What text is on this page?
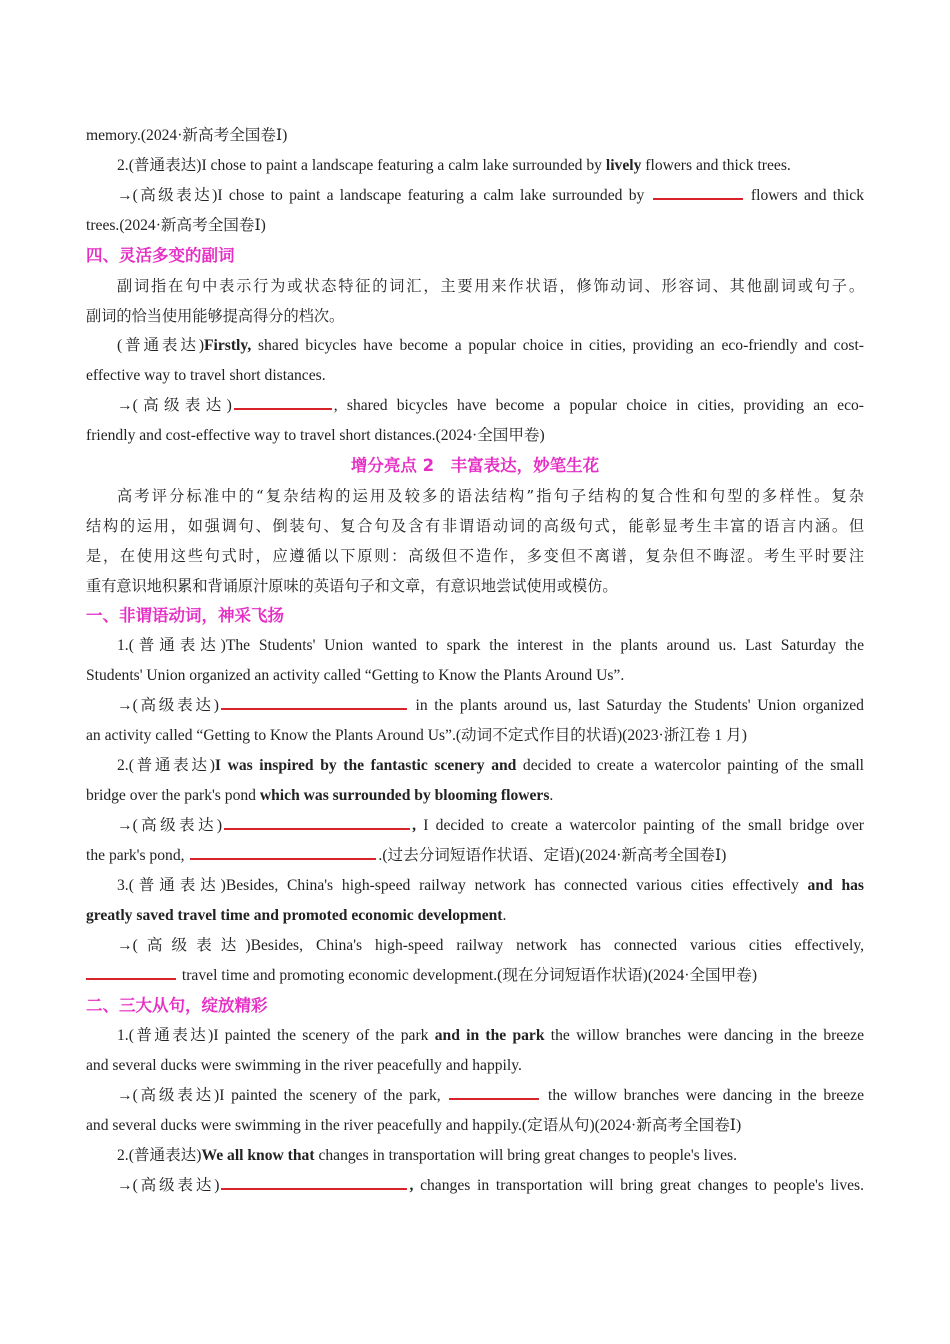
memory.(2024·新高考全国卷Ⅰ)
2.(普通表达)I chose to paint a landscape featuring a calm lake surrounded by lively flowers and thick trees.
→(高级表达)I chose to paint a landscape featuring a calm lake surrounded by	flowers and thick
trees.(2024·新高考全国卷Ⅰ)
四、灵活多变的副词
副词指在句中表示行为或状态特征的词汇，主要用来作状语，修饰动词、形容词、其他副词或句子。
副词的恰当使用能够提高得分的档次。
(普通表达)Firstly, shared bicycles have become a popular choice in cities, providing an eco-friendly and cost-
effective way to travel short distances.
→(高级表达)	, shared bicycles have become a popular choice in cities, providing an eco-
friendly and cost-effective way to travel short distances.(2024·全国甲卷)
增分亮点 2　丰富表达，妙笔生花
高考评分标准中的“复杂结构的运用及较多的语法结构”指句子结构的复合性和句型的多样性。复杂
结构的运用，如强调句、倒装句、复合句及含有非谓语动词的高级句式，能彰显考生丰富的语言内涵。但
是，在使用这些句式时，应遵循以下原则：高级但不造作，多变但不离谱，复杂但不晦涩。考生平时要注
重有意识地积累和背诵原汁原味的英语句子和文章，有意识地尝试使用或模仿。
一、非谓语动词，神采飞扬
1.(普通表达)The Students' Union wanted to spark the interest in the plants around us. Last Saturday the
Students' Union organized an activity called “Getting to Know the Plants Around Us”.
→(高级表达)	in the plants around us, last Saturday the Students' Union organized
an activity called “Getting to Know the Plants Around Us”.(动词不定式作目的状语)(2023·浙江卷 1 月)
2.(普通表达)I was inspired by the fantastic scenery and decided to create a watercolor painting of the small
bridge over the park's pond which was surrounded by blooming flowers.
→(高级表达)	, I decided to create a watercolor painting of the small bridge over
the park's pond,	.(过去分词短语作状语、定语)(2024·新高考全国卷Ⅰ)
3.(普通表达)Besides, China's high-speed railway network has connected various cities effectively and has
greatly saved travel time and promoted economic development.
→(高级表达)Besides, China's high-speed railway network has connected various cities effectively,
travel time and promoting economic development.(现在分词短语作状语)(2024·全国甲卷)
二、三大从句，绽放精彩
1.(普通表达)I painted the scenery of the park and in the park the willow branches were dancing in the breeze
and several ducks were swimming in the river peacefully and happily.
→(高级表达)I painted the scenery of the park,	the willow branches were dancing in the breeze
and several ducks were swimming in the river peacefully and happily.(定语从句)(2024·新高考全国卷Ⅰ)
2.(普通表达)We all know that changes in transportation will bring great changes to people's lives.
→(高级表达)	, changes in transportation will bring great changes to people's lives.
